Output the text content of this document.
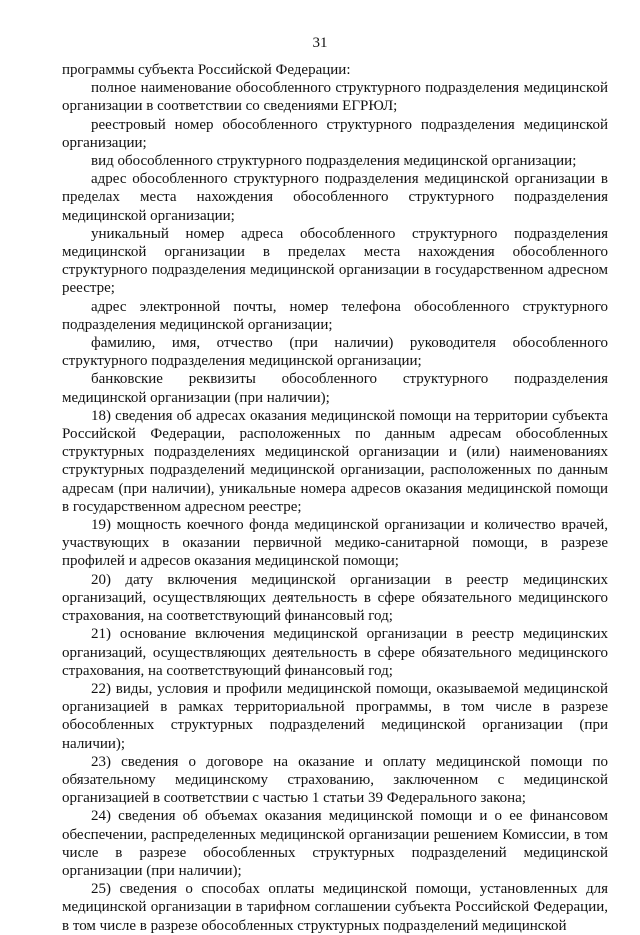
31

программы субъекта Российской Федерации:

полное наименование обособленного структурного подразделения медицинской организации в соответствии со сведениями ЕГРЮЛ;

реестровый номер обособленного структурного подразделения медицинской организации;

вид обособленного структурного подразделения медицинской организации;

адрес обособленного структурного подразделения медицинской организации в пределах места нахождения обособленного структурного подразделения медицинской организации;

уникальный номер адреса обособленного структурного подразделения медицинской организации в пределах места нахождения обособленного структурного подразделения медицинской организации в государственном адресном реестре;

адрес электронной почты, номер телефона обособленного структурного подразделения медицинской организации;

фамилию, имя, отчество (при наличии) руководителя обособленного структурного подразделения медицинской организации;

банковские реквизиты обособленного структурного подразделения медицинской организации (при наличии);

18) сведения об адресах оказания медицинской помощи на территории субъекта Российской Федерации, расположенных по данным адресам обособленных структурных подразделениях медицинской организации и (или) наименованиях структурных подразделений медицинской организации, расположенных по данным адресам (при наличии), уникальные номера адресов оказания медицинской помощи в государственном адресном реестре;

19) мощность коечного фонда медицинской организации и количество врачей, участвующих в оказании первичной медико-санитарной помощи, в разрезе профилей и адресов оказания медицинской помощи;

20) дату включения медицинской организации в реестр медицинских организаций, осуществляющих деятельность в сфере обязательного медицинского страхования, на соответствующий финансовый год;

21) основание включения медицинской организации в реестр медицинских организаций, осуществляющих деятельность в сфере обязательного медицинского страхования, на соответствующий финансовый год;

22) виды, условия и профили медицинской помощи, оказываемой медицинской организацией в рамках территориальной программы, в том числе в разрезе обособленных структурных подразделений медицинской организации (при наличии);

23) сведения о договоре на оказание и оплату медицинской помощи по обязательному медицинскому страхованию, заключенном с медицинской организацией в соответствии с частью 1 статьи 39 Федерального закона;

24) сведения об объемах оказания медицинской помощи и о ее финансовом обеспечении, распределенных медицинской организации решением Комиссии, в том числе в разрезе обособленных структурных подразделений медицинской организации (при наличии);

25) сведения о способах оплаты медицинской помощи, установленных для медицинской организации в тарифном соглашении субъекта Российской Федерации, в том числе в разрезе обособленных структурных подразделений медицинской
